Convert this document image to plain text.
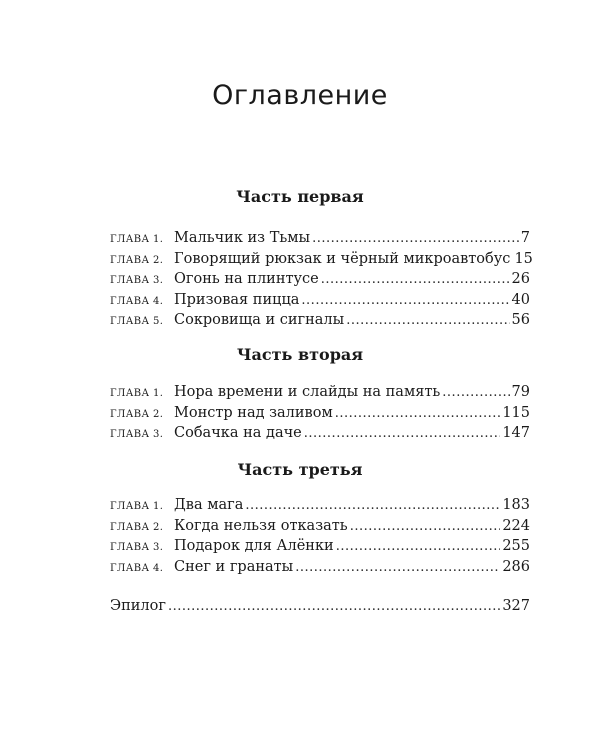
Оглавление
Часть первая
ГЛАВА 1. Мальчик из Тьмы .....	7
ГЛАВА 2. Говорящий рюкзак и чёрный микроавтобус 15
ГЛАВА 3. Огонь на плинтусе .....	26
ГЛАВА 4. Призовая пицца .....	40
ГЛАВА 5. Сокровища и сигналы .....	56
Часть вторая
ГЛАВА 1. Нора времени и слайды на память .....	79
ГЛАВА 2. Монстр над заливом .....	115
ГЛАВА 3. Собачка на даче .....	147
Часть третья
ГЛАВА 1. Два мага .....	183
ГЛАВА 2. Когда нельзя отказать .....	224
ГЛАВА 3. Подарок для Алёнки .....	255
ГЛАВА 4. Снег и гранаты .....	286
Эпилог .....	327
